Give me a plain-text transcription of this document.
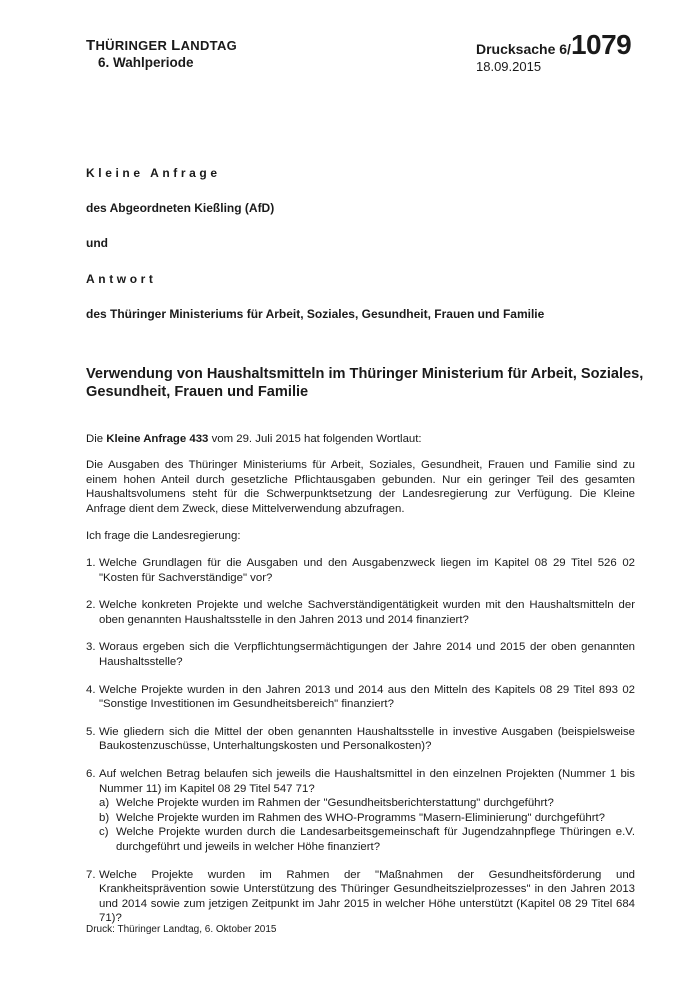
THÜRINGER LANDTAG
6. Wahlperiode
Drucksache 6/1079
18.09.2015
Kleine Anfrage
des Abgeordneten Kießling (AfD)
und
Antwort
des Thüringer Ministeriums für Arbeit, Soziales, Gesundheit, Frauen und Familie
Verwendung von Haushaltsmitteln im Thüringer Ministerium für Arbeit, Soziales, Gesundheit, Frauen und Familie
Die Kleine Anfrage 433 vom 29. Juli 2015 hat folgenden Wortlaut:
Die Ausgaben des Thüringer Ministeriums für Arbeit, Soziales, Gesundheit, Frauen und Familie sind zu einem hohen Anteil durch gesetzliche Pflichtausgaben gebunden. Nur ein geringer Teil des gesamten Haushaltsvolumens steht für die Schwerpunktsetzung der Landesregierung zur Verfügung. Die Kleine Anfrage dient dem Zweck, diese Mittelverwendung abzufragen.
Ich frage die Landesregierung:
1. Welche Grundlagen für die Ausgaben und den Ausgabenzweck liegen im Kapitel 08 29 Titel 526 02 "Kosten für Sachverständige" vor?
2. Welche konkreten Projekte und welche Sachverständigentätigkeit wurden mit den Haushaltsmitteln der oben genannten Haushaltsstelle in den Jahren 2013 und 2014 finanziert?
3. Woraus ergeben sich die Verpflichtungsermächtigungen der Jahre 2014 und 2015 der oben genannten Haushaltsstelle?
4. Welche Projekte wurden in den Jahren 2013 und 2014 aus den Mitteln des Kapitels 08 29 Titel 893 02 "Sonstige Investitionen im Gesundheitsbereich" finanziert?
5. Wie gliedern sich die Mittel der oben genannten Haushaltsstelle in investive Ausgaben (beispielsweise Baukostenzuschüsse, Unterhaltungskosten und Personalkosten)?
6. Auf welchen Betrag belaufen sich jeweils die Haushaltsmittel in den einzelnen Projekten (Nummer 1 bis Nummer 11) im Kapitel 08 29 Titel 547 71?
a) Welche Projekte wurden im Rahmen der "Gesundheitsberichterstattung" durchgeführt?
b) Welche Projekte wurden im Rahmen des WHO-Programms "Masern-Eliminierung" durchgeführt?
c) Welche Projekte wurden durch die Landesarbeitsgemeinschaft für Jugendzahnpflege Thüringen e.V. durchgeführt und jeweils in welcher Höhe finanziert?
7. Welche Projekte wurden im Rahmen der "Maßnahmen der Gesundheitsförderung und Krankheitsprävention sowie Unterstützung des Thüringer Gesundheitszielprozesses" in den Jahren 2013 und 2014 sowie zum jetzigen Zeitpunkt im Jahr 2015 in welcher Höhe unterstützt (Kapitel 08 29 Titel 684 71)?
Druck: Thüringer Landtag, 6. Oktober 2015
